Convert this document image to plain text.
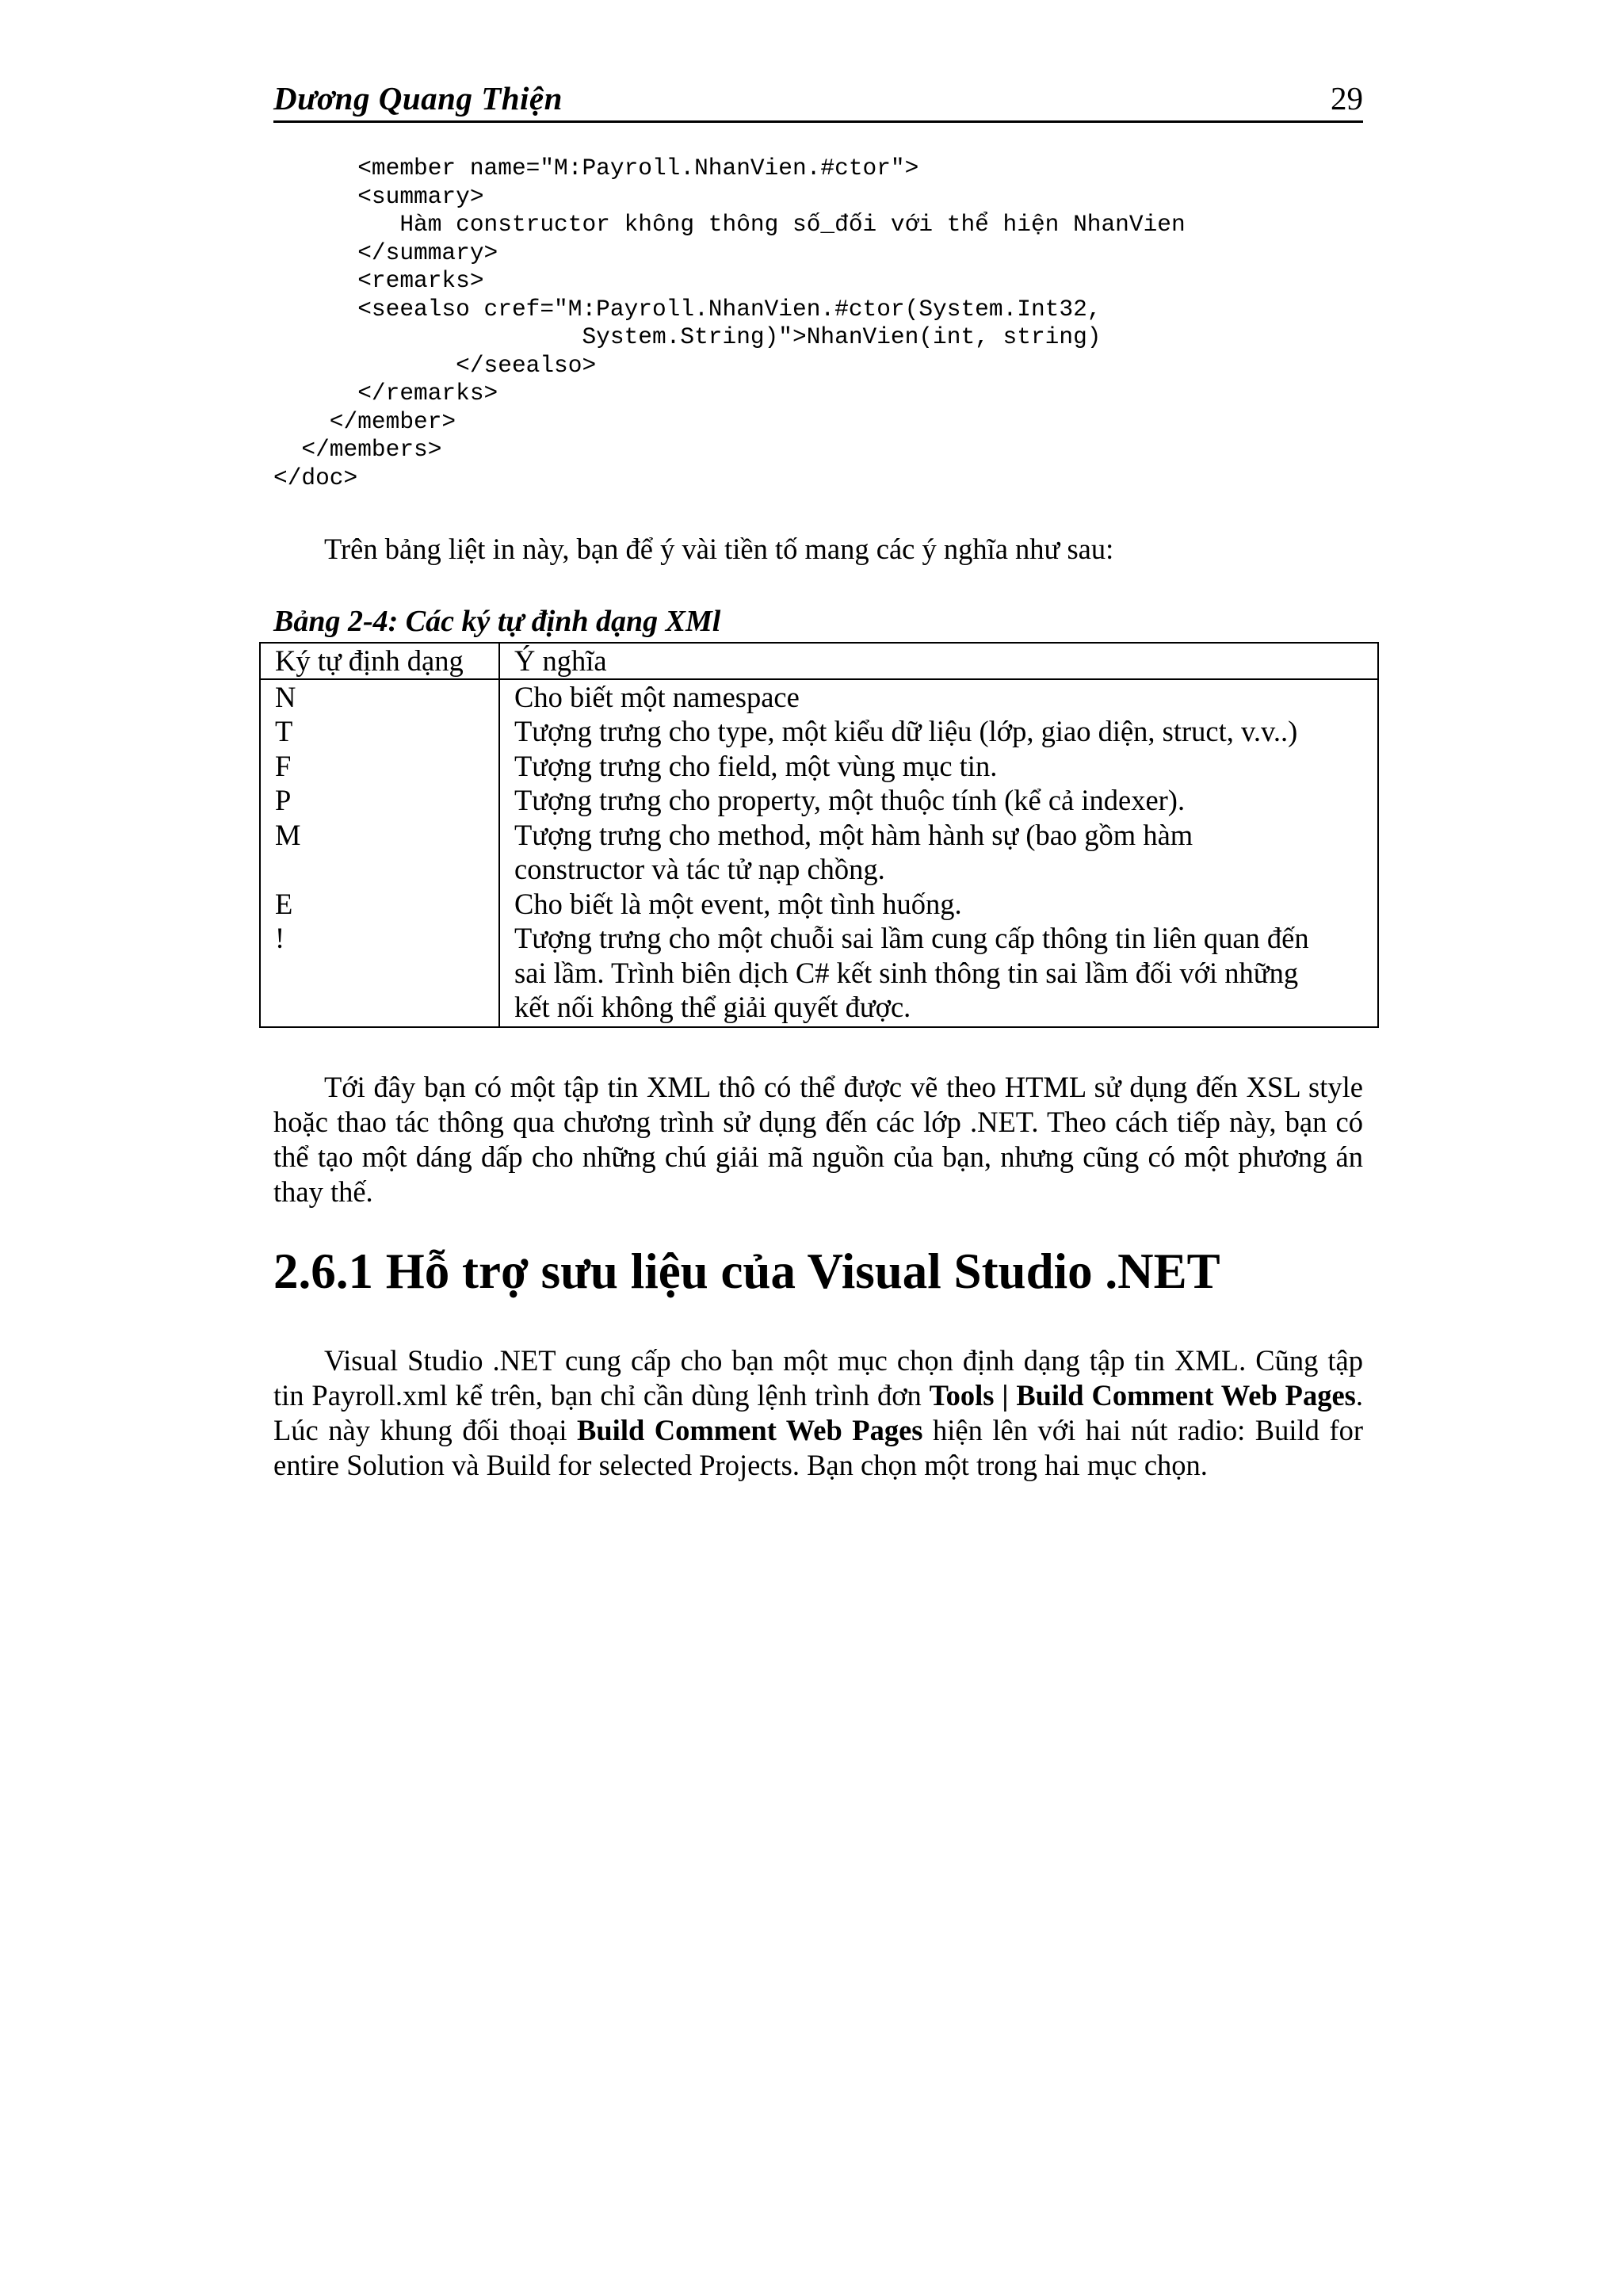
Dương Quang Thiện	29
<member name="M:Payroll.NhanVien.#ctor">
<summary>
Hàm constructor không thông số_đối với thể hiện NhanVien
</summary>
<remarks>
<seealso cref="M:Payroll.NhanVien.#ctor(System.Int32,
System.String)">NhanVien(int, string)
</seealso>
</remarks>
</member>
</members>
</doc>

Trên bảng liệt in này, bạn để ý vài tiền tố mang các ý nghĩa như sau:

Bảng 2-4: Các ký tự định dạng XMl

Ký tự định dạng	Ý nghĩa
N	Cho biết một namespace
T	Tượng trưng cho type, một kiểu dữ liệu (lớp, giao diện, struct, v.v..)
F	Tượng trưng cho field, một vùng mục tin.
P	Tượng trưng cho property, một thuộc tính (kể cả indexer).
M	Tượng trưng cho method, một hàm hành sự (bao gồm hàm
constructor và tác tử nạp chồng.
E	Cho biết là một event, một tình huống.
!	Tượng trưng cho một chuỗi sai lầm cung cấp thông tin liên quan đến
sai lầm. Trình biên dịch C# kết sinh thông tin sai lầm đối với những
kết nối không thể giải quyết được.

Tới đây bạn có một tập tin XML thô có thể được vẽ theo HTML sử dụng đến XSL style hoặc thao tác thông qua chương trình sử dụng đến các lớp .NET. Theo cách tiếp này, bạn có thể tạo một dáng dấp cho những chú giải mã nguồn của bạn, nhưng cũng có một phương án thay thế.

2.6.1 Hỗ trợ sưu liệu của Visual Studio .NET

Visual Studio .NET cung cấp cho bạn một mục chọn định dạng tập tin XML. Cũng tập tin Payroll.xml kể trên, bạn chỉ cần dùng lệnh trình đơn Tools | Build Comment Web Pages. Lúc này khung đối thoại Build Comment Web Pages hiện lên với hai nút radio: Build for entire Solution và Build for selected Projects. Bạn chọn một trong hai mục chọn.
